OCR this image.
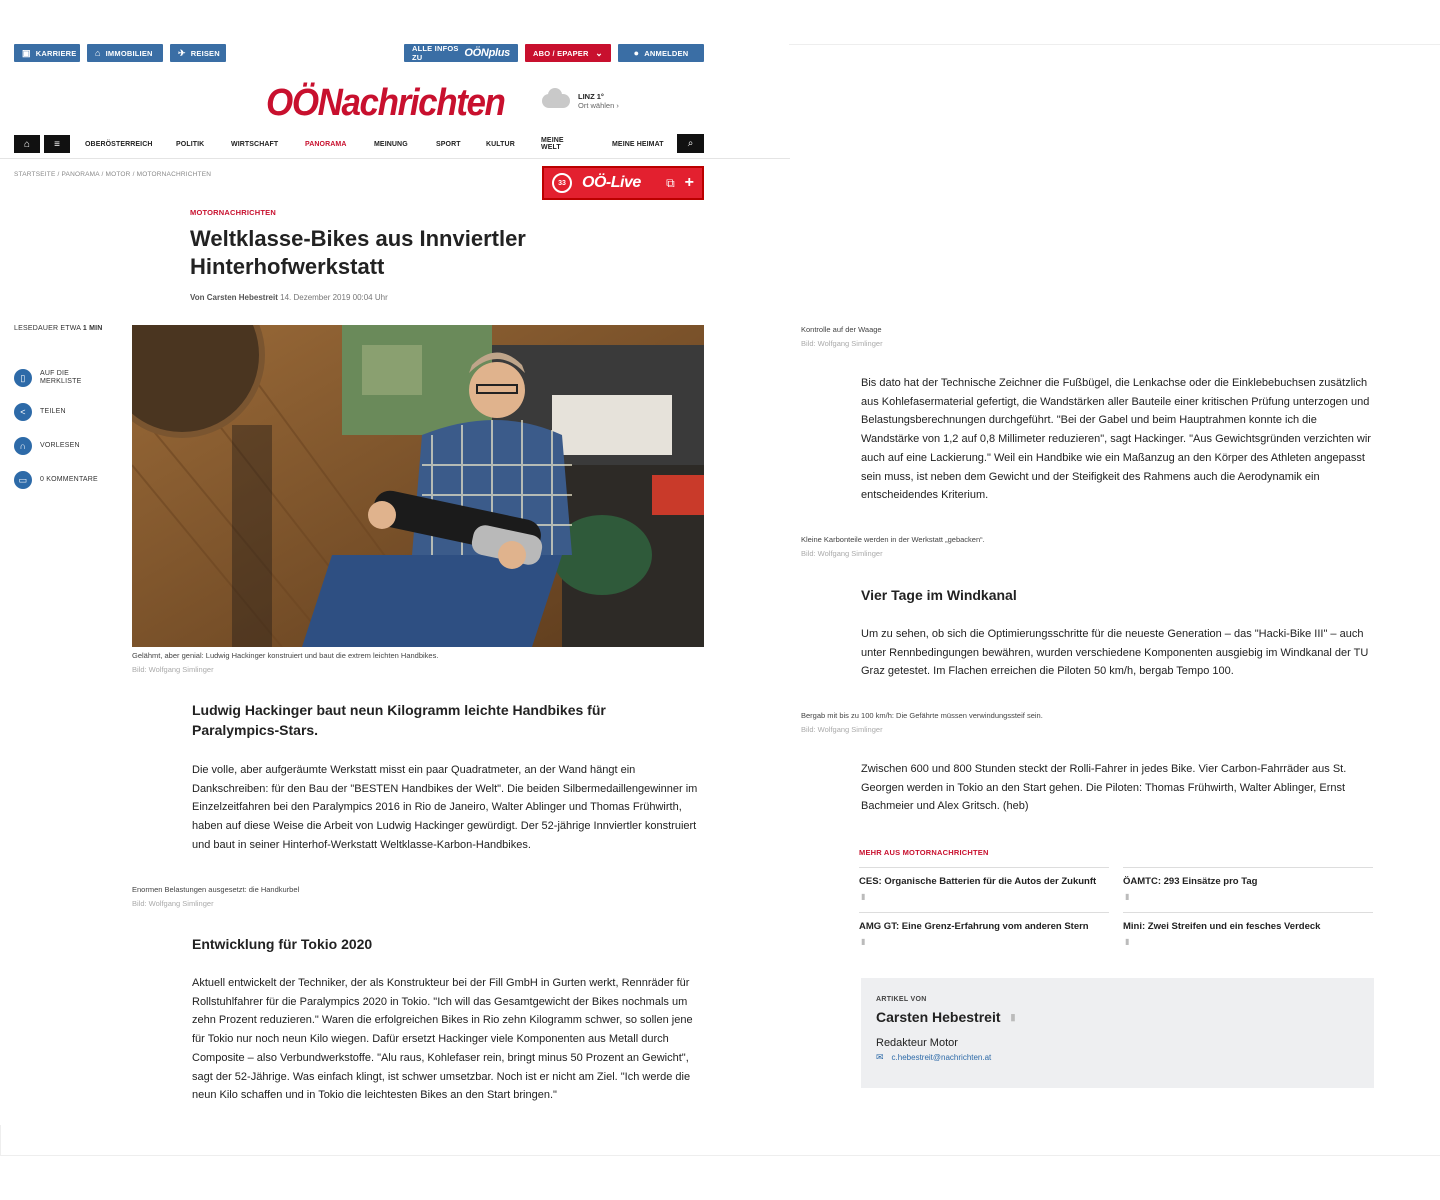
▣ KARRIERE ⌂ IMMOBILIEN	✈ REISEN	ALLE INFOS ZU	OÖNplus	ABO / EPAPER ⌄	● ANMELDEN
OÖNachrichten	LINZ 1°
Ort wählen ›
⌂ ≡	OBERÖSTERREICH	POLITIK	WIRTSCHAFT	PANORAMA	MEINUNG	SPORT	KULTUR	MEINE WELT	MEINE HEIMAT ⌕
STARTSEITE / PANORAMA / MOTOR / MOTORNACHRICHTEN
33	OÖ-Live	⧉ +
MOTORNACHRICHTEN
Weltklasse-Bikes aus Innviertler Hinterhofwerkstatt
Von Carsten Hebestreit 14. Dezember 2019 00:04 Uhr
LESEDAUER ETWA 1 MIN
▯	AUF DIE
MERKLISTE
<	TEILEN
∩	VORLESEN
▭	0 KOMMENTARE
Gelähmt, aber genial: Ludwig Hackinger konstruiert und baut die extrem leichten Handbikes.
Bild: Wolfgang Simlinger
Ludwig Hackinger baut neun Kilogramm leichte Handbikes für Paralympics-Stars.
Die volle, aber aufgeräumte Werkstatt misst ein paar Quadratmeter, an der Wand hängt ein Dankschreiben: für den Bau der "BESTEN Handbikes der Welt". Die beiden Silbermedaillengewinner im Einzelzeitfahren bei den Paralympics 2016 in Rio de Janeiro, Walter Ablinger und Thomas Frühwirth, haben auf diese Weise die Arbeit von Ludwig Hackinger gewürdigt. Der 52-jährige Innviertler konstruiert und baut in seiner Hinterhof-Werkstatt Weltklasse-Karbon-Handbikes.
Enormen Belastungen ausgesetzt: die Handkurbel
Bild: Wolfgang Simlinger
Entwicklung für Tokio 2020
Aktuell entwickelt der Techniker, der als Konstrukteur bei der Fill GmbH in Gurten werkt, Rennräder für Rollstuhlfahrer für die Paralympics 2020 in Tokio. "Ich will das Gesamtgewicht der Bikes nochmals um zehn Prozent reduzieren." Waren die erfolgreichen Bikes in Rio zehn Kilogramm schwer, so sollen jene für Tokio nur noch neun Kilo wiegen. Dafür ersetzt Hackinger viele Komponenten aus Metall durch Composite – also Verbundwerkstoffe. "Alu raus, Kohlefaser rein, bringt minus 50 Prozent an Gewicht", sagt der 52-Jährige. Was einfach klingt, ist schwer umsetzbar. Noch ist er nicht am Ziel. "Ich werde die neun Kilo schaffen und in Tokio die leichtesten Bikes an den Start bringen."
Kontrolle auf der Waage
Bild: Wolfgang Simlinger
Bis dato hat der Technische Zeichner die Fußbügel, die Lenkachse oder die Einklebebuchsen zusätzlich aus Kohlefasermaterial gefertigt, die Wandstärken aller Bauteile einer kritischen Prüfung unterzogen und Belastungsberechnungen durchgeführt. "Bei der Gabel und beim Hauptrahmen konnte ich die Wandstärke von 1,2 auf 0,8 Millimeter reduzieren", sagt Hackinger. "Aus Gewichtsgründen verzichten wir auch auf eine Lackierung." Weil ein Handbike wie ein Maßanzug an den Körper des Athleten angepasst sein muss, ist neben dem Gewicht und der Steifigkeit des Rahmens auch die Aerodynamik ein entscheidendes Kriterium.
Kleine Karbonteile werden in der Werkstatt „gebacken“.
Bild: Wolfgang Simlinger
Vier Tage im Windkanal
Um zu sehen, ob sich die Optimierungsschritte für die neueste Generation – das "Hacki-Bike III" – auch unter Rennbedingungen bewähren, wurden verschiedene Komponenten ausgiebig im Windkanal der TU Graz getestet. Im Flachen erreichen die Piloten 50 km/h, bergab Tempo 100.
Bergab mit bis zu 100 km/h: Die Gefährte müssen verwindungssteif sein.
Bild: Wolfgang Simlinger
Zwischen 600 und 800 Stunden steckt der Rolli-Fahrer in jedes Bike. Vier Carbon-Fahrräder aus St. Georgen werden in Tokio an den Start gehen. Die Piloten: Thomas Frühwirth, Walter Ablinger, Ernst Bachmeier und Alex Gritsch. (heb)
MEHR AUS MOTORNACHRICHTEN
CES: Organische Batterien für die Autos der Zukunft
▮
ÖAMTC: 293 Einsätze pro Tag
▮
AMG GT: Eine Grenz-Erfahrung vom anderen Stern
▮
Mini: Zwei Streifen und ein fesches Verdeck
▮
ARTIKEL VON
Carsten Hebestreit ▮
Redakteur Motor
✉ c.hebestreit@nachrichten.at
